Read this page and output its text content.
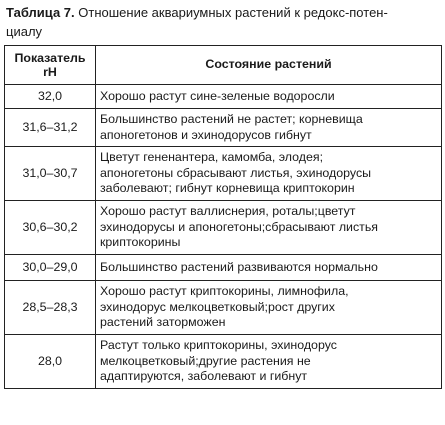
Таблица 7. Отношение аквариумных растений к редокс-потен-
циалу
Показатель
rH	Состояние растений
32,0	Хорошо растут сине-зеленые водоросли

31,6–31,2	Большинство растений не растет; корневища
апоногетонов и эхинодорусов гибнут

31,0–30,7	Цветут гененантера, камомба, элодея;
апоногетоны сбрасывают листья, эхинодорусы
заболевают; гибнут корневища криптокорин

30,6–30,2	Хорошо растут валлиснерия, роталы;цветут
эхинодорусы и апоногетоны;сбрасывают листья
криптокорины

30,0–29,0	Большинство растений развиваются нормально

28,5–28,3	Хорошо растут криптокорины, лимнофила,
эхинодорус мелкоцветковый;рост других
растений заторможен

28,0	Растут только криптокорины, эхинодорус
мелкоцветковый;другие растения не
адаптируются, заболевают и гибнут
